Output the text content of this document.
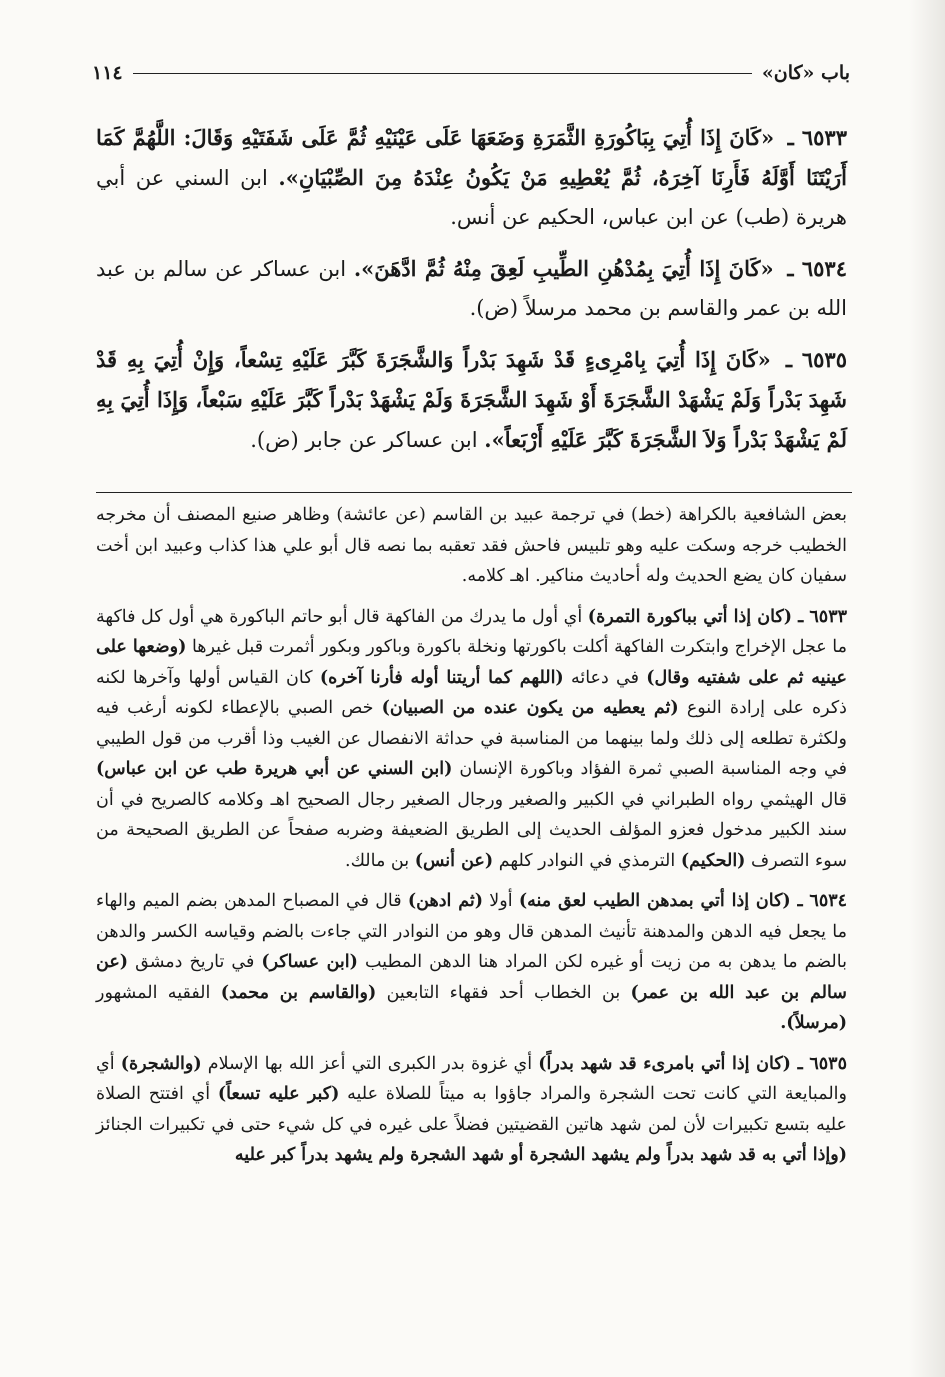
باب «كان»
١١٤

٦٥٣٣ ـ «كَانَ إِذَا أُتِيَ بِبَاكُورَةِ الثَّمَرَةِ وَضَعَهَا عَلَى عَيْنَيْهِ ثُمَّ عَلَى شَفَتَيْهِ وَقَالَ: اللَّهُمَّ كَمَا أَرَيْتَنَا أَوَّلَهُ فَأَرِنَا آخِرَهُ، ثُمَّ يُعْطِيهِ مَنْ يَكُونُ عِنْدَهُ مِنَ الصِّبْيَانِ». ابن السني عن أبي هريرة (طب) عن ابن عباس، الحكيم عن أنس.

٦٥٣٤ ـ «كَانَ إِذَا أُتِيَ بِمُدْهُنِ الطِّيبِ لَعِقَ مِنْهُ ثُمَّ ادَّهَنَ». ابن عساكر عن سالم بن عبد الله بن عمر والقاسم بن محمد مرسلاً (ض).

٦٥٣٥ ـ «كَانَ إِذَا أُتِيَ بِامْرِىءٍ قَدْ شَهِدَ بَدْراً وَالشَّجَرَةَ كَبَّرَ عَلَيْهِ تِسْعاً، وَإِنْ أُتِيَ بِهِ قَدْ شَهِدَ بَدْراً وَلَمْ يَشْهَدْ الشَّجَرَةَ أَوْ شَهِدَ الشَّجَرَةَ وَلَمْ يَشْهَدْ بَدْراً كَبَّرَ عَلَيْهِ سَبْعاً، وَإِذَا أُتِيَ بِهِ لَمْ يَشْهَدْ بَدْراً وَلاَ الشَّجَرَةَ كَبَّرَ عَلَيْهِ أَرْبَعاً». ابن عساكر عن جابر (ض).

بعض الشافعية بالكراهة (خط) في ترجمة عبيد بن القاسم (عن عائشة) وظاهر صنيع المصنف أن مخرجه الخطيب خرجه وسكت عليه وهو تلبيس فاحش فقد تعقبه بما نصه قال أبو علي هذا كذاب وعبيد ابن أخت سفيان كان يضع الحديث وله أحاديث مناكير. اهـ كلامه.

٦٥٣٣ ـ (كان إذا أتي بباكورة التمرة) أي أول ما يدرك من الفاكهة قال أبو حاتم الباكورة هي أول كل فاكهة ما عجل الإخراج وابتكرت الفاكهة أكلت باكورتها ونخلة باكورة وباكور وبكور أثمرت قبل غيرها (وضعها على عينيه ثم على شفتيه وقال) في دعائه (اللهم كما أريتنا أوله فأرنا آخره) كان القياس أولها وآخرها لكنه ذكره على إرادة النوع (ثم يعطيه من يكون عنده من الصبيان) خص الصبي بالإعطاء لكونه أرغب فيه ولكثرة تطلعه إلى ذلك ولما بينهما من المناسبة في حداثة الانفصال عن الغيب وذا أقرب من قول الطيبي في وجه المناسبة الصبي ثمرة الفؤاد وباكورة الإنسان (ابن السني عن أبي هريرة طب عن ابن عباس) قال الهيثمي رواه الطبراني في الكبير والصغير ورجال الصغير رجال الصحيح اهـ وكلامه كالصريح في أن سند الكبير مدخول فعزو المؤلف الحديث إلى الطريق الضعيفة وضربه صفحاً عن الطريق الصحيحة من سوء التصرف (الحكيم) الترمذي في النوادر كلهم (عن أنس) بن مالك.

٦٥٣٤ ـ (كان إذا أتي بمدهن الطيب لعق منه) أولا (ثم ادهن) قال في المصباح المدهن بضم الميم والهاء ما يجعل فيه الدهن والمدهنة تأنيث المدهن قال وهو من النوادر التي جاءت بالضم وقياسه الكسر والدهن بالضم ما يدهن به من زيت أو غيره لكن المراد هنا الدهن المطيب (ابن عساكر) في تاريخ دمشق (عن سالم بن عبد الله بن عمر) بن الخطاب أحد فقهاء التابعين (والقاسم بن محمد) الفقيه المشهور (مرسلاً).

٦٥٣٥ ـ (كان إذا أتي بامرىء قد شهد بدراً) أي غزوة بدر الكبرى التي أعز الله بها الإسلام (والشجرة) أي والمبايعة التي كانت تحت الشجرة والمراد جاؤوا به ميتاً للصلاة عليه (كبر عليه تسعاً) أي افتتح الصلاة عليه بتسع تكبيرات لأن لمن شهد هاتين القضيتين فضلاً على غيره في كل شيء حتى في تكبيرات الجنائز (وإذا أتي به قد شهد بدراً ولم يشهد الشجرة أو شهد الشجرة ولم يشهد بدراً كبر عليه
